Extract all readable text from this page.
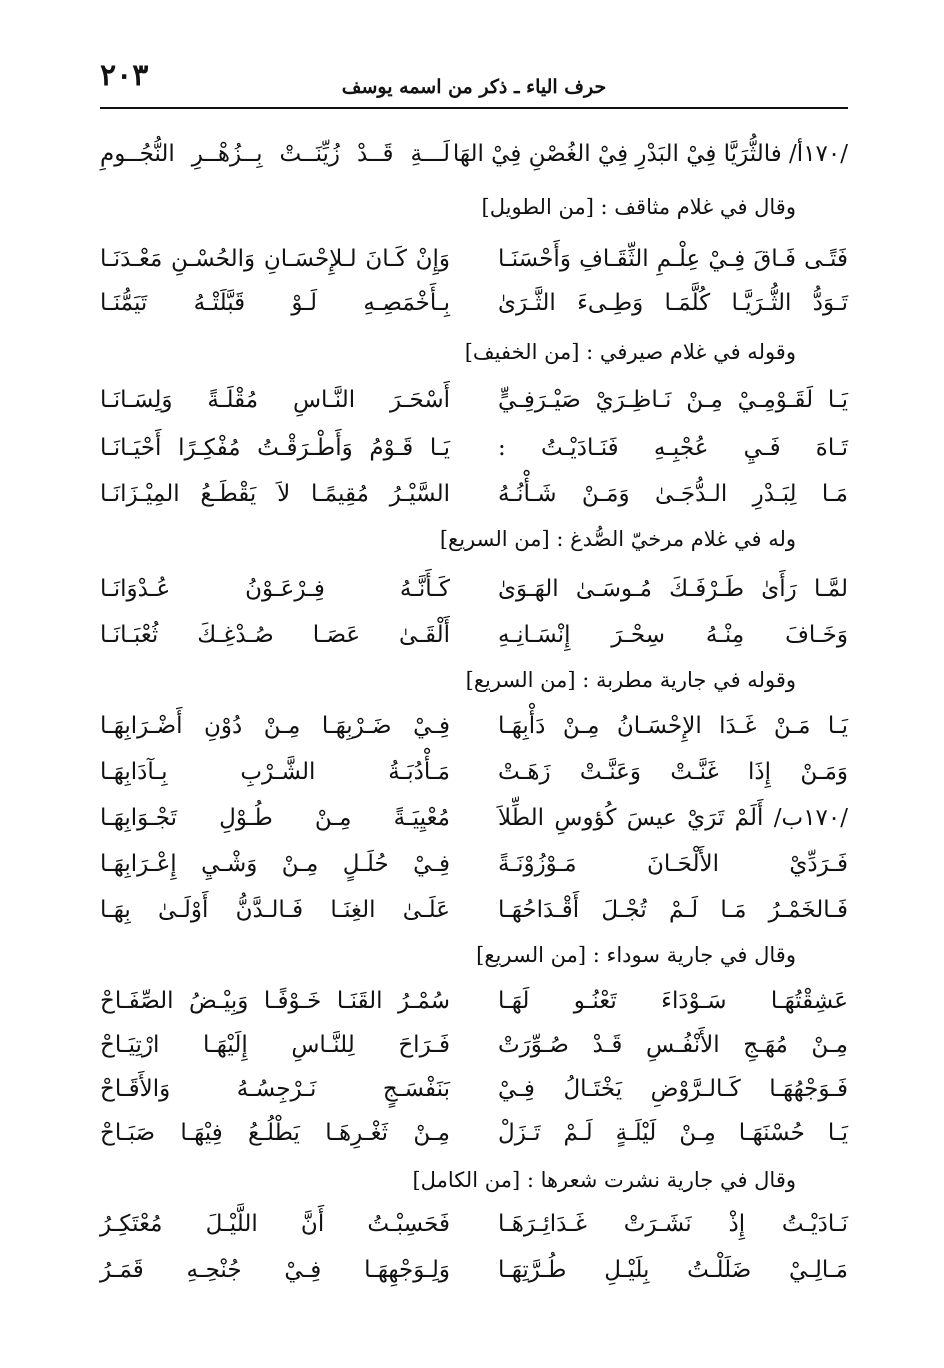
٢٠٣	حرف الياء ـ ذكر من اسمه يوسف
/١٧٠أ/ فالثُّرَيَّا فِيْ البَدْرِ فِيْ الغُصْنِ فِيْ الهَا
لَـــةِ قَــدْ زُيِّنَــتْ بِــزُهْــرِ النُّجُــومِ
وقال في غلام مثاقف : [من الطويل]
فَتًـى فَـاقَ فِـيْ عِلْـمِ الثِّقَـافِ وَأَحْسَنَـا
وَإِنْ كَـانَ لـلإِحْسَـانِ وَالحُسْـنِ مَعْـدَنَـا
تَـوَدُّ الثُّـرَيَّـا كُلَّمَـا وَطِـىءَ الثَّـرَىٰ
بِـأَخْمَصِـهِ لَـوْ قَبَّلَتْـهُ تَيَمُّنَـا
وقوله في غلام صيرفي : [من الخفيف]
يَـا لَقَـوْمِـيْ مِـنْ نَـاظِـرَيْ صَيْـرَفِـيٍّ
أَسْحَـرَ النَّـاسِ مُقْلَـةً وَلِسَـانَـا
تَـاهَ فَـيِ عُجْبِـهِ فَنَـادَيْـتُ :
يَـا قَـوْمُ وَأَطْـرَقْـتُ مُفْكِـرًا أَحْيَـانَـا
مَـا لِبَـدْرِ الـدُّجَـىٰ وَمَـنْ شَـأْنُـهُ
السَّيْـرُ مُقِيمًـا لاَ يَقْطَـعُ المِيْـزَانَـا
وله في غلام مرخيّ الصُّدغ : [من السريع]
لمَّـا رَأَىٰ طَـرْفَـكَ مُـوسَـىٰ الهَـوَىٰ
كَـأَنَّـهُ فِـرْعَـوْنُ عُـدْوَانَـا
وَخَـافَ مِنْـهُ سِحْـرَ إِنْسَـانِـهِ
أَلْقَـىٰ عَصَـا صُـدْغِـكَ ثُعْبَـانَـا
وقوله في جارية مطربة : [من السريع]
يَـا مَـنْ غَـدَا الإِحْسَـانُ مِـنْ دَأْبِهَـا
فِـيْ ضَـرْبِهَـا مِـنْ دُوْنِ أَضْـرَابِهَـا
وَمَـنْ إِذَا غَنَّـتْ وَعَنَّـتْ زَهَـتْ
مَـأْدُبَـةُ الشَّـرْبِ بِـآدَابِهَـا
/١٧٠ب/ أَلَمْ تَرَيْ عيسَ كُؤوسِ الطِّلاَ
مُعْيِيَـةً مِـنْ طُـوْلِ تَجْـوَابِهَـا
فَـرَدِّيْ الأَلْحَـانَ مَـوْزُوْنَـةً
فِـيْ حُلَـلٍ مِـنْ وَشْـيِ إِعْـرَابِهَـا
فَـالخَمْـرُ مَـا لَـمْ تُجْـلَ أَقْـدَاحُهَـا
عَلَـىٰ الغِنَـا فَـالـدَّنُّ أَوْلَـىٰ بِهَـا
وقال في جارية سوداء : [من السريع]
عَشِقْتُهَـا سَـوْدَاءَ تَعْنُـو لَهَـا
سُمْـرُ القَنَـا خَـوْفًـا وَبِيْـضُ الصِّفَـاحْ
مِـنْ مُهَـجِ الأَنْفُـسِ قَـدْ صُـوِّرَتْ
فَـرَاحَ لِلنَّـاسِ إِلَيْهَـا ارْتِيَـاحْ
فَـوَجْهُهَـا كَـالـرَّوْضِ يَخْتَـالُ فِـيْ
بَنَفْسَـجٍ نَـرْجِسُـهُ وَالأَقَـاحْ
يَـا حُسْنَهَـا مِـنْ لَيْلَـةٍ لَـمْ تَـزَلْ
مِـنْ ثَغْـرِهَـا يَطْلُـعُ فِيْهَـا صَبَـاحْ
وقال في جارية نشرت شعرها : [من الكامل]
نَـادَيْـتُ إِذْ نَشَـرَتْ غَـدَائِـرَهَـا
فَحَسِبْـتُ أَنَّ اللَّيْـلَ مُعْتَكِـرُ
مَـالِـيْ ضَلَلْـتُ بِلَيْـلِ طُـرَّتِهَـا
وَلِـوَجْهِهَـا فِـيْ جُنْحِـهِ قَمَـرُ
